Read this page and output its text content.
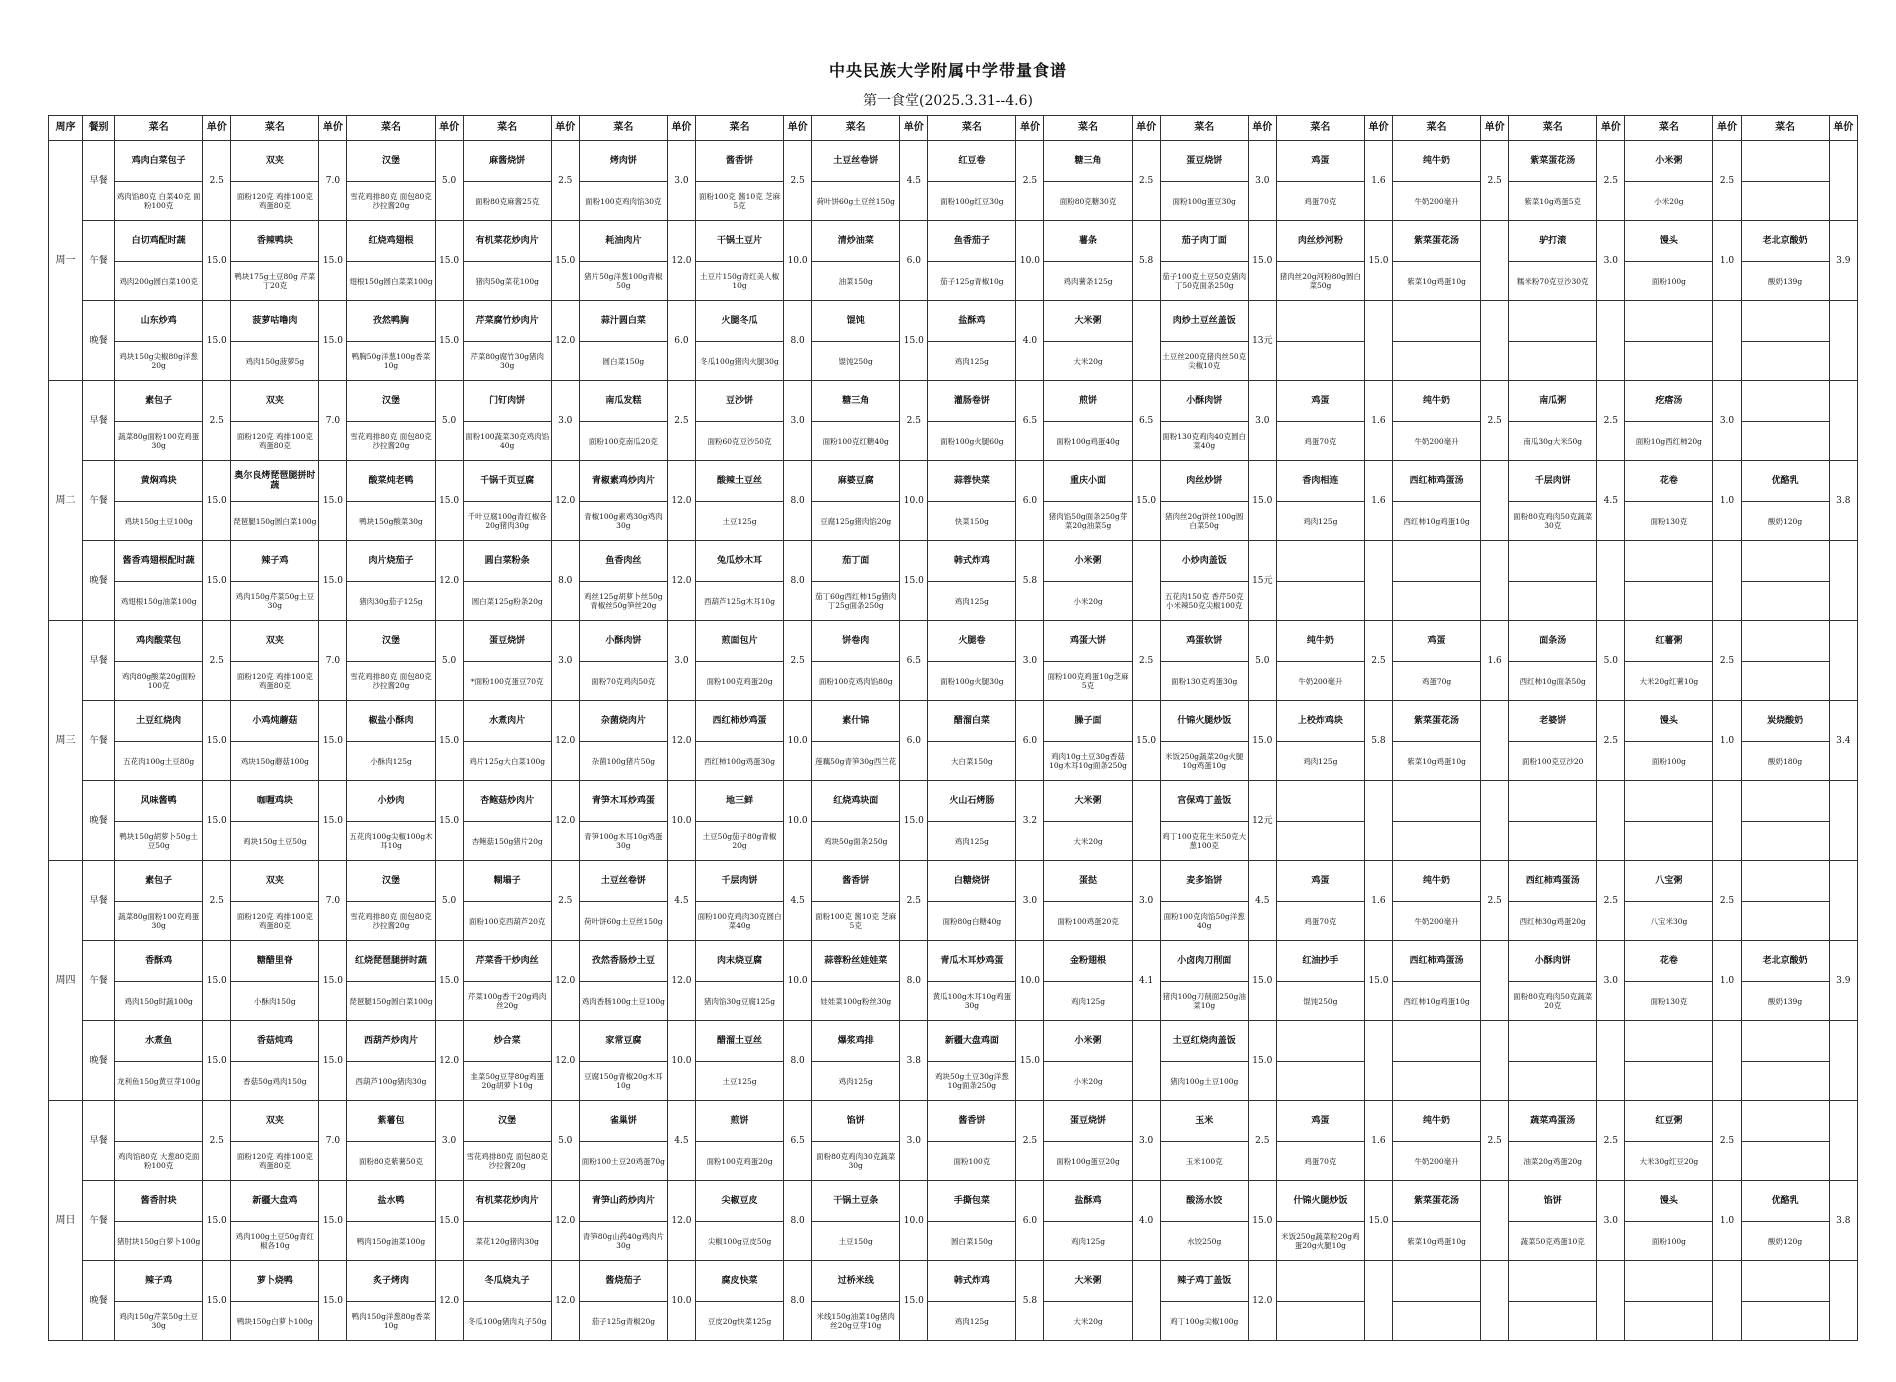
中央民族大学附属中学带量食谱
第一食堂(2025.3.31--4.6)
周序	餐别	菜名	单价	菜名	单价	菜名	单价	菜名	单价	菜名	单价	菜名	单价	菜名	单价	菜名	单价	菜名	单价	菜名	单价	菜名	单价	菜名	单价	菜名	单价	菜名	单价	菜名	单价
周一	早餐	鸡肉白菜包子	2.5	双夹	7.0	汉堡	5.0	麻酱烧饼	2.5	烤肉饼	3.0	酱香饼	2.5	土豆丝卷饼	4.5	红豆卷	2.5	糖三角	2.5	蛋豆烧饼	3.0	鸡蛋	1.6	纯牛奶	2.5	紫菜蛋花汤	2.5	小米粥	2.5		
		鸡肉馅80克 白菜40克 面粉100克		面粉120克 鸡排100克 鸡蛋80克		雪花鸡排80克 面包80克沙拉酱20g		面粉80克麻酱25克		面粉100克鸡肉馅30克		面粉100克 酱10克 芝麻5克		荷叶饼60g土豆丝150g		面粉100g红豆30g		面粉80克糖30克		面粉100g蛋豆30g		鸡蛋70克		牛奶200毫升		紫菜10g鸡蛋5克		小米20g			
	午餐	白切鸡配时蔬	15.0	香辣鸭块	15.0	红烧鸡翅根	15.0	有机菜花炒肉片	15.0	耗油肉片	12.0	干锅土豆片	10.0	清炒油菜	6.0	鱼香茄子	10.0	薯条	5.8	茄子肉丁面	15.0	肉丝炒河粉	15.0	紫菜蛋花汤		驴打滚	3.0	馒头	1.0	老北京酸奶	3.9
		鸡肉200g圆白菜100克		鸭块175g土豆80g 芹菜丁20克		翅根150g圆白菜菜100g		猪肉50g菜花100g		猪片50g洋葱100g青椒50g		土豆片150g青红美人椒10g		油菜150g		茄子125g青椒10g		鸡肉薯条125g		茄子100克土豆50克猪肉丁50克面条250g		猪肉丝20g河粉80g圆白菜50g		紫菜10g鸡蛋10g		糯米粉70克豆沙30克		面粉100g		酸奶139g	
	晚餐	山东炒鸡	15.0	菠萝咕噜肉	15.0	孜然鸭胸	15.0	芹菜腐竹炒肉片	12.0	蒜汁圆白菜	6.0	火腿冬瓜	8.0	馄饨	15.0	盐酥鸡	4.0	大米粥		肉炒土豆丝盖饭	13元										
		鸡块150g尖椒80g洋葱20g		鸡肉150g菠萝5g		鸭胸50g洋葱100g香菜10g		芹菜80g腐竹30g猪肉30g		圆白菜150g		冬瓜100g猪肉火腿30g		馄饨250g		鸡肉125g		大米20g		土豆丝200克猪肉丝50克尖椒10克											
周二	早餐	素包子	2.5	双夹	7.0	汉堡	5.0	门钉肉饼	3.0	南瓜发糕	2.5	豆沙饼	3.0	糖三角	2.5	灌肠卷饼	6.5	煎饼	6.5	小酥肉饼	3.0	鸡蛋	1.6	纯牛奶	2.5	南瓜粥	2.5	疙瘩汤	3.0		
		蔬菜80g面粉100克鸡蛋30g		面粉120克 鸡排100克 鸡蛋80克		雪花鸡排80克 面包80克沙拉酱20g		面粉100蔬菜30克鸡肉馅40g		面粉100克南瓜20克		面粉60克豆沙50克		面粉100克红糖40g		面粉100g火腿60g		面粉100g鸡蛋40g		面粉130克鸡肉40克圆白菜40g		鸡蛋70克		牛奶200毫升		南瓜30g大米50g		面粉10g西红柿20g			
	午餐	黄焖鸡块	15.0	奥尔良烤琵琶腿拼时蔬	15.0	酸菜炖老鸭	15.0	千锅千页豆腐	12.0	青椒素鸡炒肉片	12.0	酸辣土豆丝	8.0	麻婆豆腐	10.0	蒜蓉快菜	6.0	重庆小面	15.0	肉丝炒饼	15.0	香肉相连	1.6	西红柿鸡蛋汤		千层肉饼	4.5	花卷	1.0	优酪乳	3.8
		鸡块150g土豆100g		琵琶腿150g圆白菜100g		鸭块150g酸菜30g		千叶豆腐100g青红椒各20g猪肉30g		青椒100g素鸡30g鸡肉30g		土豆125g		豆腐125g猪肉馅20g		快菜150g		猪肉馅50g面条250g芽菜20g油菜5g		猪肉丝20g饼丝100g圆白菜50g		鸡肉125g		西红柿10g鸡蛋10g		面粉80克鸡肉50克蔬菜30克		面粉130克		酸奶120g	
	晚餐	酱香鸡翅根配时蔬	15.0	辣子鸡	15.0	肉片烧茄子	12.0	圆白菜粉条	8.0	鱼香肉丝	12.0	兔瓜炒木耳	8.0	茄丁面	15.0	韩式炸鸡	5.8	小米粥		小炒肉盖饭	15元										
		鸡翅根150g油菜100g		鸡肉150g芹菜50g土豆30g		猪肉30g茄子125g		圆白菜125g粉条20g		鸡丝125g胡萝卜丝50g青椒丝50g笋丝20g		西葫芦125g木耳10g		茄丁60g西红柿15g猪肉丁25g面条250g		鸡肉125g		小米20g		五花肉150克 香芹50克小米辣50克尖椒100克											
周三	早餐	鸡肉酸菜包	2.5	双夹	7.0	汉堡	5.0	蛋豆烧饼	3.0	小酥肉饼	3.0	煎面包片	2.5	饼卷肉	6.5	火腿卷	3.0	鸡蛋大饼	2.5	鸡蛋软饼	5.0	纯牛奶	2.5	鸡蛋	1.6	面条汤	5.0	红薯粥	2.5		
		鸡肉80g酸菜20g面粉100克		面粉120克 鸡排100克 鸡蛋80克		雪花鸡排80克 面包80克沙拉酱20g		*面粉100克蛋豆70克		面粉70克鸡肉50克		面粉100克鸡蛋20g		面粉100克鸡肉馅80g		面粉100g火腿30g		面粉100克鸡蛋10g芝麻5克		面粉130克鸡蛋30g		牛奶200毫升		鸡蛋70g		西红柿10g面条50g		大米20g红薯10g			
	午餐	土豆红烧肉	15.0	小鸡炖蘑菇	15.0	椒盐小酥肉	15.0	水煮肉片	12.0	杂菌烧肉片	12.0	西红柿炒鸡蛋	10.0	素什锦	6.0	醋溜白菜	6.0	臊子面	15.0	什锦火腿炒饭	15.0	上校炸鸡块	5.8	紫菜蛋花汤		老婆饼	2.5	馒头	1.0	炭烧酸奶	3.4
		五花肉100g土豆80g		鸡块150g蘑菇100g		小酥肉125g		鸡片125g大白菜100g		杂菌100g猪片50g		西红柿100g鸡蛋30g		莲藕50g青笋30g西兰花		大白菜150g		鸡肉10g土豆30g香菇10g木耳10g面条250g		米饭250g蔬菜20g火腿10g鸡蛋10g		鸡肉125g		紫菜10g鸡蛋10g		面粉100克豆沙20		面粉100g		酸奶180g	
	晚餐	风味酱鸭	15.0	咖喱鸡块	15.0	小炒肉	15.0	杏鲍菇炒肉片	12.0	青笋木耳炒鸡蛋	10.0	地三鲜	10.0	红烧鸡块面	15.0	火山石烤肠	3.2	大米粥		宫保鸡丁盖饭	12元										
		鸭块150g胡萝卜50g土豆50g		鸡块150g土豆50g		五花肉100g尖椒100g木耳10g		杏鲍菇150g猪片20g		青笋100g木耳10g鸡蛋30g		土豆50g茄子80g青椒20g		鸡块50g面条250g		鸡肉125g		大米20g		鸡丁100克花生米50克大葱100克											
周四	早餐	素包子	2.5	双夹	7.0	汉堡	5.0	糊塌子	2.5	土豆丝卷饼	4.5	千层肉饼	4.5	酱香饼	2.5	白糖烧饼	3.0	蛋挞	3.0	麦多馅饼	4.5	鸡蛋	1.6	纯牛奶	2.5	西红柿鸡蛋汤	2.5	八宝粥	2.5		
		蔬菜80g面粉100克鸡蛋30g		面粉120克 鸡排100克 鸡蛋80克		雪花鸡排80克 面包80克沙拉酱20g		面粉100克西葫芦20克		荷叶饼60g土豆丝150g		面粉100克鸡肉30克圆白菜40g		面粉100克 酱10克 芝麻5克		面粉80g白糖40g		面粉100鸡蛋20克		面粉100克肉馅50g洋葱40g		鸡蛋70克		牛奶200毫升		西红柿30g鸡蛋20g		八宝米30g			
	午餐	香酥鸡	15.0	糖醋里脊	15.0	红烧琵琶腿拼时蔬	15.0	芹菜香干炒肉丝	12.0	孜然香肠炒土豆	12.0	肉末烧豆腐	10.0	蒜蓉粉丝娃娃菜	8.0	青瓜木耳炒鸡蛋	10.0	金粉翅根	4.1	小卤肉刀削面	15.0	红油抄手	15.0	西红柿鸡蛋汤		小酥肉饼	3.0	花卷	1.0	老北京酸奶	3.9
		鸡肉150g时蔬100g		小酥肉150g		琵琶腿150g圆白菜100g		芹菜100g香干20g鸡肉丝20g		鸡肉香肠100g土豆100g		猪肉馅30g豆腐125g		娃娃菜100g粉丝30g		黄瓜100g木耳10g鸡蛋30g		鸡肉125g		猪肉100g刀削面250g油菜10g		馄饨250g		西红柿10g鸡蛋10g		面粉80克鸡肉50克蔬菜20克		面粉130克		酸奶139g	
	晚餐	水煮鱼	15.0	香菇炖鸡	15.0	西葫芦炒肉片	12.0	炒合菜	12.0	家常豆腐	10.0	醋溜土豆丝	8.0	爆浆鸡排	3.8	新疆大盘鸡面	15.0	小米粥		土豆红烧肉盖饭	15.0										
		龙利鱼150g黄豆芽100g		香菇50g鸡肉150g		西葫芦100g猪肉30g		韭菜50g豆芽80g鸡蛋20g胡萝卜10g		豆腐150g青椒20g木耳10g		土豆125g		鸡肉125g		鸡块50g土豆30g洋葱10g面条250g		小米20g		猪肉100g土豆100g											
周日	早餐		2.5	双夹	7.0	紫薯包	3.0	汉堡	5.0	雀巢饼	4.5	煎饼	6.5	馅饼	3.0	酱香饼	2.5	蛋豆烧饼	3.0	玉米	2.5	鸡蛋	1.6	纯牛奶	2.5	蔬菜鸡蛋汤	2.5	红豆粥	2.5		
		鸡肉馅80克 大葱80克面粉100克		面粉120克 鸡排100克 鸡蛋80克		面粉80克紫薯50克		雪花鸡排80克 面包80克沙拉酱20g		面粉100土豆20鸡蛋70g		面粉100克鸡蛋20g		面粉80克鸡肉30克蔬菜30g		面粉100克		面粉100g蛋豆20g		玉米100克		鸡蛋70克		牛奶200毫升		油菜20g鸡蛋20g		大米30g红豆20g			
	午餐	酱香肘块	15.0	新疆大盘鸡	15.0	盐水鸭	15.0	有机菜花炒肉片	12.0	青笋山药炒肉片	12.0	尖椒豆皮	8.0	干锅土豆条	10.0	手撕包菜	6.0	盐酥鸡	4.0	酸汤水饺	15.0	什锦火腿炒饭	15.0	紫菜蛋花汤		馅饼	3.0	馒头	1.0	优酪乳	3.8
		猪肘块150g白萝卜100g		鸡肉100g土豆50g青红椒各10g		鸭肉150g油菜100g		菜花120g猪肉30g		青笋80g山药40g鸡肉片30g		尖椒100g豆皮50g		土豆150g		圆白菜150g		鸡肉125g		水饺250g		米饭250g蔬菜粒20g鸡蛋20g火腿10g		紫菜10g鸡蛋10g		蔬菜50克鸡蛋10克		面粉100g		酸奶120g	
	晚餐	辣子鸡	15.0	萝卜烧鸭	15.0	炙子烤肉	12.0	冬瓜烧丸子	12.0	酱烧茄子	10.0	腐皮快菜	8.0	过桥米线	15.0	韩式炸鸡	5.8	大米粥		辣子鸡丁盖饭	12.0										
		鸡肉150g芹菜50g土豆30g		鸭块150g白萝卜100g		鸭肉150g洋葱80g香菜10g		冬瓜100g猪肉丸子50g		茄子125g青椒20g		豆皮20g快菜125g		米线150g油菜10g猪肉丝20g豆芽10g		鸡肉125g		大米20g		鸡丁100g尖椒100g											
